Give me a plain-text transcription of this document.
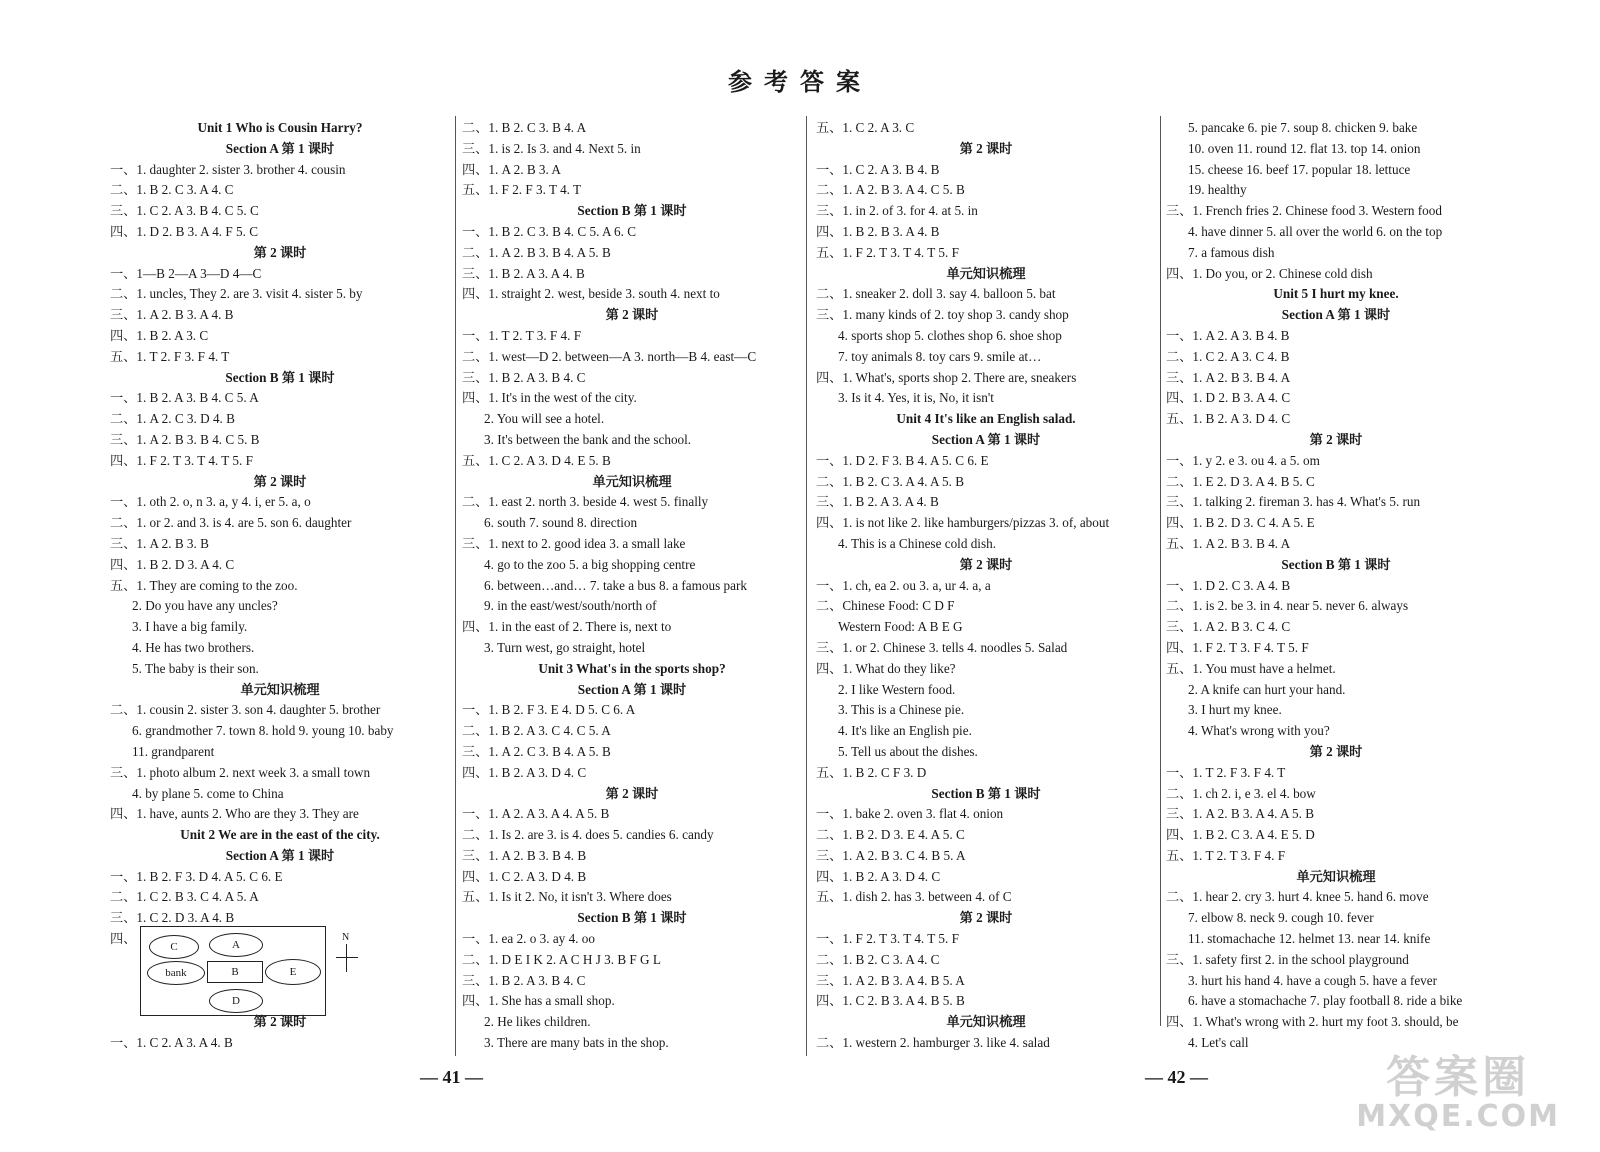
参考答案
Unit 1 Who is Cousin Harry?
Section A 第 1 课时
一、1. daughter 2. sister 3. brother 4. cousin
二、1. B 2. C 3. A 4. C
三、1. C 2. A 3. B 4. C 5. C
四、1. D 2. B 3. A 4. F 5. C
第 2 课时
一、1—B 2—A 3—D 4—C
二、1. uncles, They 2. are 3. visit 4. sister 5. by
三、1. A 2. B 3. A 4. B
四、1. B 2. A 3. C
五、1. T 2. F 3. F 4. T
Section B 第 1 课时
一、1. B 2. A 3. B 4. C 5. A
二、1. A 2. C 3. D 4. B
三、1. A 2. B 3. B 4. C 5. B
四、1. F 2. T 3. T 4. T 5. F
第 2 课时
一、1. oth 2. o, n 3. a, y 4. i, er 5. a, o
二、1. or 2. and 3. is 4. are 5. son 6. daughter
三、1. A 2. B 3. B
四、1. B 2. D 3. A 4. C
五、1. They are coming to the zoo.
2. Do you have any uncles?
3. I have a big family.
4. He has two brothers.
5. The baby is their son.
单元知识梳理
二、1. cousin 2. sister 3. son 4. daughter 5. brother
6. grandmother 7. town 8. hold 9. young 10. baby
11. grandparent
三、1. photo album 2. next week 3. a small town
4. by plane 5. come to China
四、1. have, aunts 2. Who are they 3. They are
Unit 2 We are in the east of the city.
Section A 第 1 课时
一、1. B 2. F 3. D 4. A 5. C 6. E
二、1. C 2. B 3. C 4. A 5. A
三、1. C 2. D 3. A 4. B
四、
第 2 课时
一、1. C 2. A 3. A 4. B
二、1. B 2. C 3. B 4. A
三、1. is 2. Is 3. and 4. Next 5. in
四、1. A 2. B 3. A
五、1. F 2. F 3. T 4. T
Section B 第 1 课时
一、1. B 2. C 3. B 4. C 5. A 6. C
二、1. A 2. B 3. B 4. A 5. B
三、1. B 2. A 3. A 4. B
四、1. straight 2. west, beside 3. south 4. next to
第 2 课时
一、1. T 2. T 3. F 4. F
二、1. west—D 2. between—A 3. north—B 4. east—C
三、1. B 2. A 3. B 4. C
四、1. It's in the west of the city.
2. You will see a hotel.
3. It's between the bank and the school.
五、1. C 2. A 3. D 4. E 5. B
单元知识梳理
二、1. east 2. north 3. beside 4. west 5. finally
6. south 7. sound 8. direction
三、1. next to 2. good idea 3. a small lake
4. go to the zoo 5. a big shopping centre
6. between…and… 7. take a bus 8. a famous park
9. in the east/west/south/north of
四、1. in the east of 2. There is, next to
3. Turn west, go straight, hotel
Unit 3 What's in the sports shop?
Section A 第 1 课时
一、1. B 2. F 3. E 4. D 5. C 6. A
二、1. B 2. A 3. C 4. C 5. A
三、1. A 2. C 3. B 4. A 5. B
四、1. B 2. A 3. D 4. C
第 2 课时
一、1. A 2. A 3. A 4. A 5. B
二、1. Is 2. are 3. is 4. does 5. candies 6. candy
三、1. A 2. B 3. B 4. B
四、1. C 2. A 3. D 4. B
五、1. Is it 2. No, it isn't 3. Where does
Section B 第 1 课时
一、1. ea 2. o 3. ay 4. oo
二、1. D E I K 2. A C H J 3. B F G L
三、1. B 2. A 3. B 4. C
四、1. She has a small shop.
2. He likes children.
3. There are many bats in the shop.
五、1. C 2. A 3. C
第 2 课时
一、1. C 2. A 3. B 4. B
二、1. A 2. B 3. A 4. C 5. B
三、1. in 2. of 3. for 4. at 5. in
四、1. B 2. B 3. A 4. B
五、1. F 2. T 3. T 4. T 5. F
单元知识梳理
二、1. sneaker 2. doll 3. say 4. balloon 5. bat
三、1. many kinds of 2. toy shop 3. candy shop
4. sports shop 5. clothes shop 6. shoe shop
7. toy animals 8. toy cars 9. smile at…
四、1. What's, sports shop 2. There are, sneakers
3. Is it 4. Yes, it is, No, it isn't
Unit 4 It's like an English salad.
Section A 第 1 课时
一、1. D 2. F 3. B 4. A 5. C 6. E
二、1. B 2. C 3. A 4. A 5. B
三、1. B 2. A 3. A 4. B
四、1. is not like 2. like hamburgers/pizzas 3. of, about
4. This is a Chinese cold dish.
第 2 课时
一、1. ch, ea 2. ou 3. a, ur 4. a, a
二、Chinese Food: C D F
Western Food: A B E G
三、1. or 2. Chinese 3. tells 4. noodles 5. Salad
四、1. What do they like?
2. I like Western food.
3. This is a Chinese pie.
4. It's like an English pie.
5. Tell us about the dishes.
五、1. B 2. C F 3. D
Section B 第 1 课时
一、1. bake 2. oven 3. flat 4. onion
二、1. B 2. D 3. E 4. A 5. C
三、1. A 2. B 3. C 4. B 5. A
四、1. B 2. A 3. D 4. C
五、1. dish 2. has 3. between 4. of C
第 2 课时
一、1. F 2. T 3. T 4. T 5. F
二、1. B 2. C 3. A 4. C
三、1. A 2. B 3. A 4. B 5. A
四、1. C 2. B 3. A 4. B 5. B
单元知识梳理
二、1. western 2. hamburger 3. like 4. salad
5. pancake 6. pie 7. soup 8. chicken 9. bake
10. oven 11. round 12. flat 13. top 14. onion
15. cheese 16. beef 17. popular 18. lettuce
19. healthy
三、1. French fries 2. Chinese food 3. Western food
4. have dinner 5. all over the world 6. on the top
7. a famous dish
四、1. Do you, or 2. Chinese cold dish
Unit 5 I hurt my knee.
Section A 第 1 课时
一、1. A 2. A 3. B 4. B
二、1. C 2. A 3. C 4. B
三、1. A 2. B 3. B 4. A
四、1. D 2. B 3. A 4. C
五、1. B 2. A 3. D 4. C
第 2 课时
一、1. y 2. e 3. ou 4. a 5. om
二、1. E 2. D 3. A 4. B 5. C
三、1. talking 2. fireman 3. has 4. What's 5. run
四、1. B 2. D 3. C 4. A 5. E
五、1. A 2. B 3. B 4. A
Section B 第 1 课时
一、1. D 2. C 3. A 4. B
二、1. is 2. be 3. in 4. near 5. never 6. always
三、1. A 2. B 3. C 4. C
四、1. F 2. T 3. F 4. T 5. F
五、1. You must have a helmet.
2. A knife can hurt your hand.
3. I hurt my knee.
4. What's wrong with you?
第 2 课时
一、1. T 2. F 3. F 4. T
二、1. ch 2. i, e 3. el 4. bow
三、1. A 2. B 3. A 4. A 5. B
四、1. B 2. C 3. A 4. E 5. D
五、1. T 2. T 3. F 4. F
单元知识梳理
二、1. hear 2. cry 3. hurt 4. knee 5. hand 6. move
7. elbow 8. neck 9. cough 10. fever
11. stomachache 12. helmet 13. near 14. knife
三、1. safety first 2. in the school playground
3. hurt his hand 4. have a cough 5. have a fever
6. have a stomachache 7. play football 8. ride a bike
四、1. What's wrong with 2. hurt my foot 3. should, be
4. Let's call
C	A
bank	B	E
D
N
— 41 —	— 42 —	答案圈
MXQE.COM
